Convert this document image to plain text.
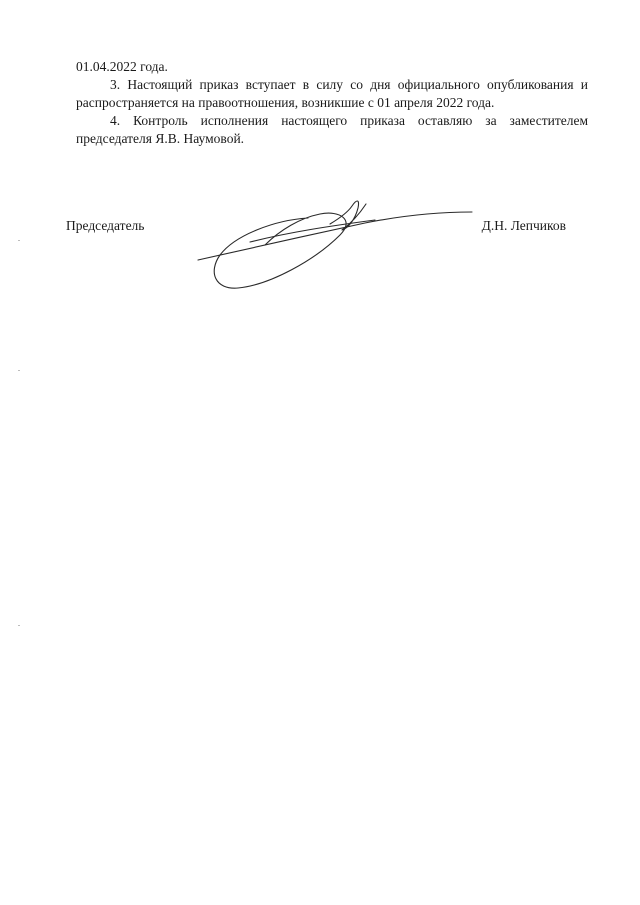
01.04.2022 года.

3. Настоящий приказ вступает в силу со дня официального опубликования и распространяется на правоотношения, возникшие с 01 апреля 2022 года.

4. Контроль исполнения настоящего приказа оставляю за заместителем председателя Я.В. Наумовой.

Председатель	Д.Н. Лепчиков
